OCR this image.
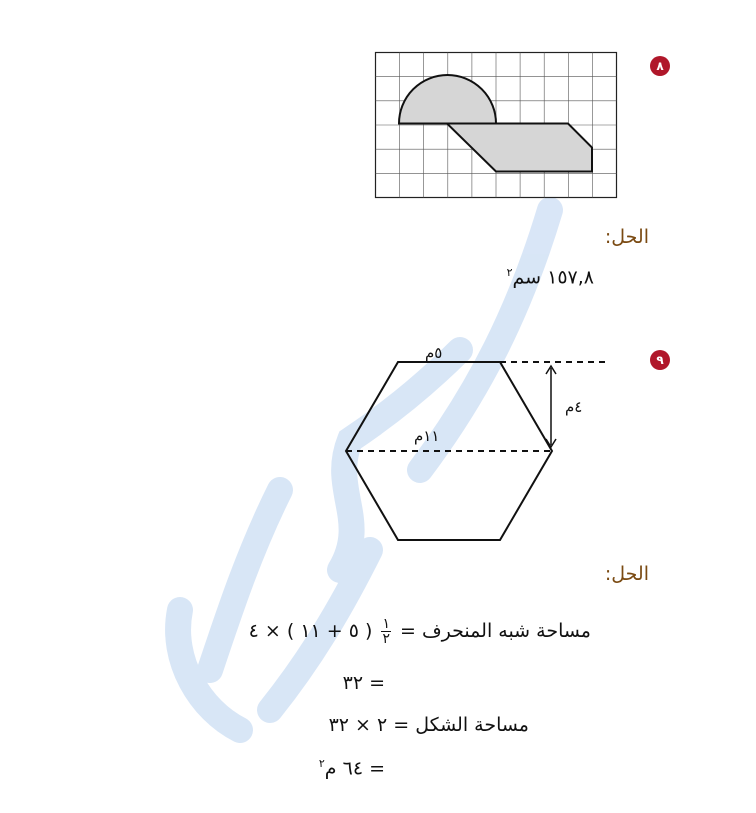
٨
الحل:
١٥٧,٨ سم$^٢$
٩
٥م
٤م
١١م
الحل:
مساحة شبه المنحرف =
$\frac{١}{٢}$
( ٥ + ١١ ) × ٤
= ٣٢
مساحة الشكل = ٢ × ٣٢
= ٦٤ م$^٢$
